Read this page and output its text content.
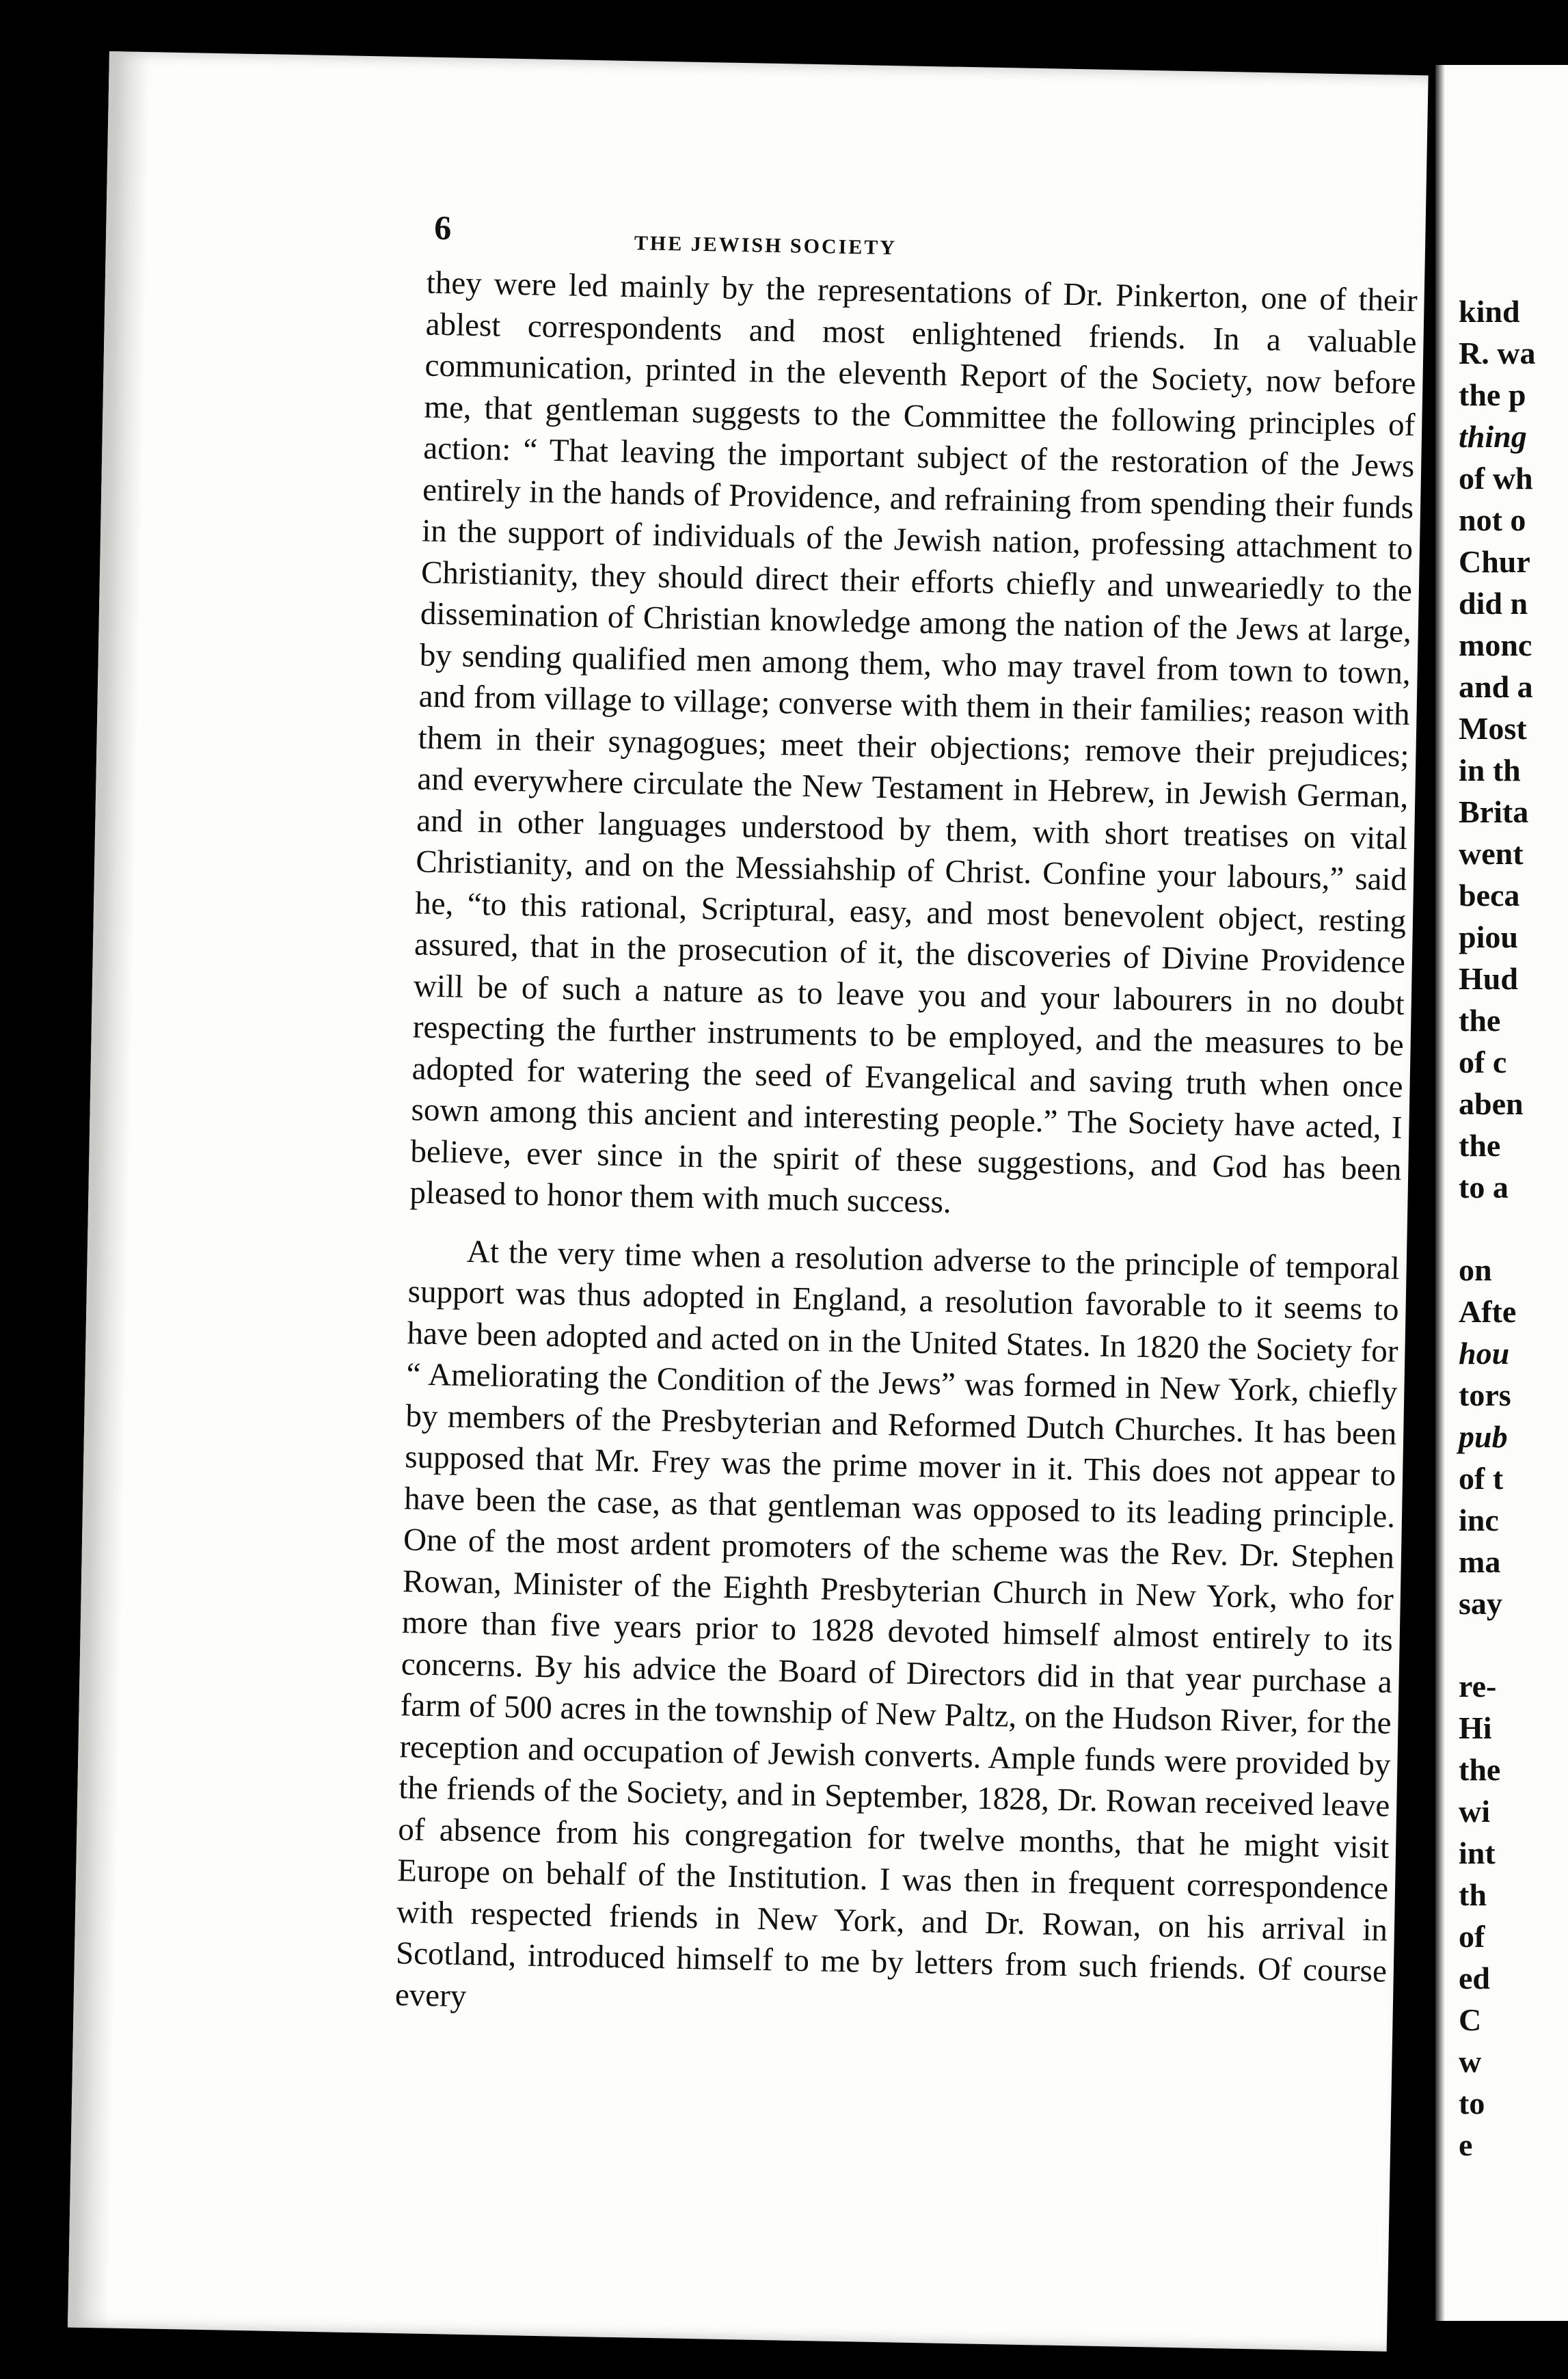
6	THE JEWISH SOCIETY

they were led mainly by the representations of Dr. Pinkerton, one of their ablest correspondents and most enlightened friends. In a valuable communication, printed in the eleventh Report of the Society, now before me, that gentleman suggests to the Committee the following principles of action: “ That leaving the important subject of the restoration of the Jews entirely in the hands of Providence, and refraining from spending their funds in the support of individuals of the Jewish nation, professing attachment to Christianity, they should direct their efforts chiefly and unweariedly to the dissemination of Christian knowledge among the nation of the Jews at large, by sending qualified men among them, who may travel from town to town, and from village to village; converse with them in their families; reason with them in their synagogues; meet their objections; remove their prejudices; and everywhere circulate the New Testament in Hebrew, in Jewish German, and in other languages understood by them, with short treatises on vital Christianity, and on the Messiahship of Christ. Confine your labours,” said he, “to this rational, Scriptural, easy, and most benevolent object, resting assured, that in the prosecution of it, the discoveries of Divine Providence will be of such a nature as to leave you and your labourers in no doubt respecting the further instruments to be employed, and the measures to be adopted for watering the seed of Evangelical and saving truth when once sown among this ancient and interesting people.” The Society have acted, I believe, ever since in the spirit of these suggestions, and God has been pleased to honor them with much success.

At the very time when a resolution adverse to the principle of temporal support was thus adopted in England, a resolution favorable to it seems to have been adopted and acted on in the United States. In 1820 the Society for “ Ameliorating the Condition of the Jews” was formed in New York, chiefly by members of the Presbyterian and Reformed Dutch Churches. It has been supposed that Mr. Frey was the prime mover in it. This does not appear to have been the case, as that gentleman was opposed to its leading principle. One of the most ardent promoters of the scheme was the Rev. Dr. Stephen Rowan, Minister of the Eighth Presbyterian Church in New York, who for more than five years prior to 1828 devoted himself almost entirely to its concerns. By his advice the Board of Directors did in that year purchase a farm of 500 acres in the township of New Paltz, on the Hudson River, for the reception and occupation of Jewish converts. Ample funds were provided by the friends of the Society, and in September, 1828, Dr. Rowan received leave of absence from his congregation for twelve months, that he might visit Europe on behalf of the Institution. I was then in frequent correspondence with respected friends in New York, and Dr. Rowan, on his arrival in Scotland, introduced himself to me by letters from such friends. Of course every

kind
R. wa
the p
thing
of wh
not o
Chur
did n
monc
and a
Most
in th
Brita
went
beca
piou
Hud
the
of c
aben
the
to a
on
Afte
hou
tors
pub
of t
inc
ma
say
re-
Hi
the
wi
int
th
of
ed
C
w
to
e
